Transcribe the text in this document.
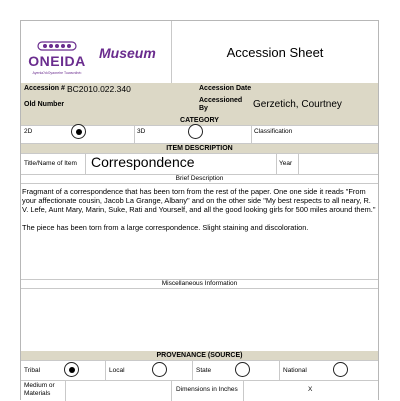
ONEIDA
Ayenlaʔ•kiʔya•nehe Tuwa•nihé•
Museum	Accession Sheet
Accession # BC2010.022.340	Accession Date
Old Number
Accessioned By	Gerzetich, Courtney
CATEGORY
2D	3D	Classification
ITEM DESCRIPTION
Title/Name of Item Correspondence	Year
Brief Description
Fragmant of a correspondence that has been torn from the rest of the paper. One one side it reads "From your affectionate cousin, Jacob La Grange, Albany" and on the other side "My best respects to all neary, R. V. Lefe, Aunt Mary, Marin, Suke, Rati and Yourself, and all the good looking girls for 500 miles around them."
The piece has been torn from a large correspondence. Slight staining and discoloration.
Miscellaneous Information
PROVENANCE (SOURCE)
Tribal	Local	State	National
Medium or Materials	Dimensions in Inches	X
